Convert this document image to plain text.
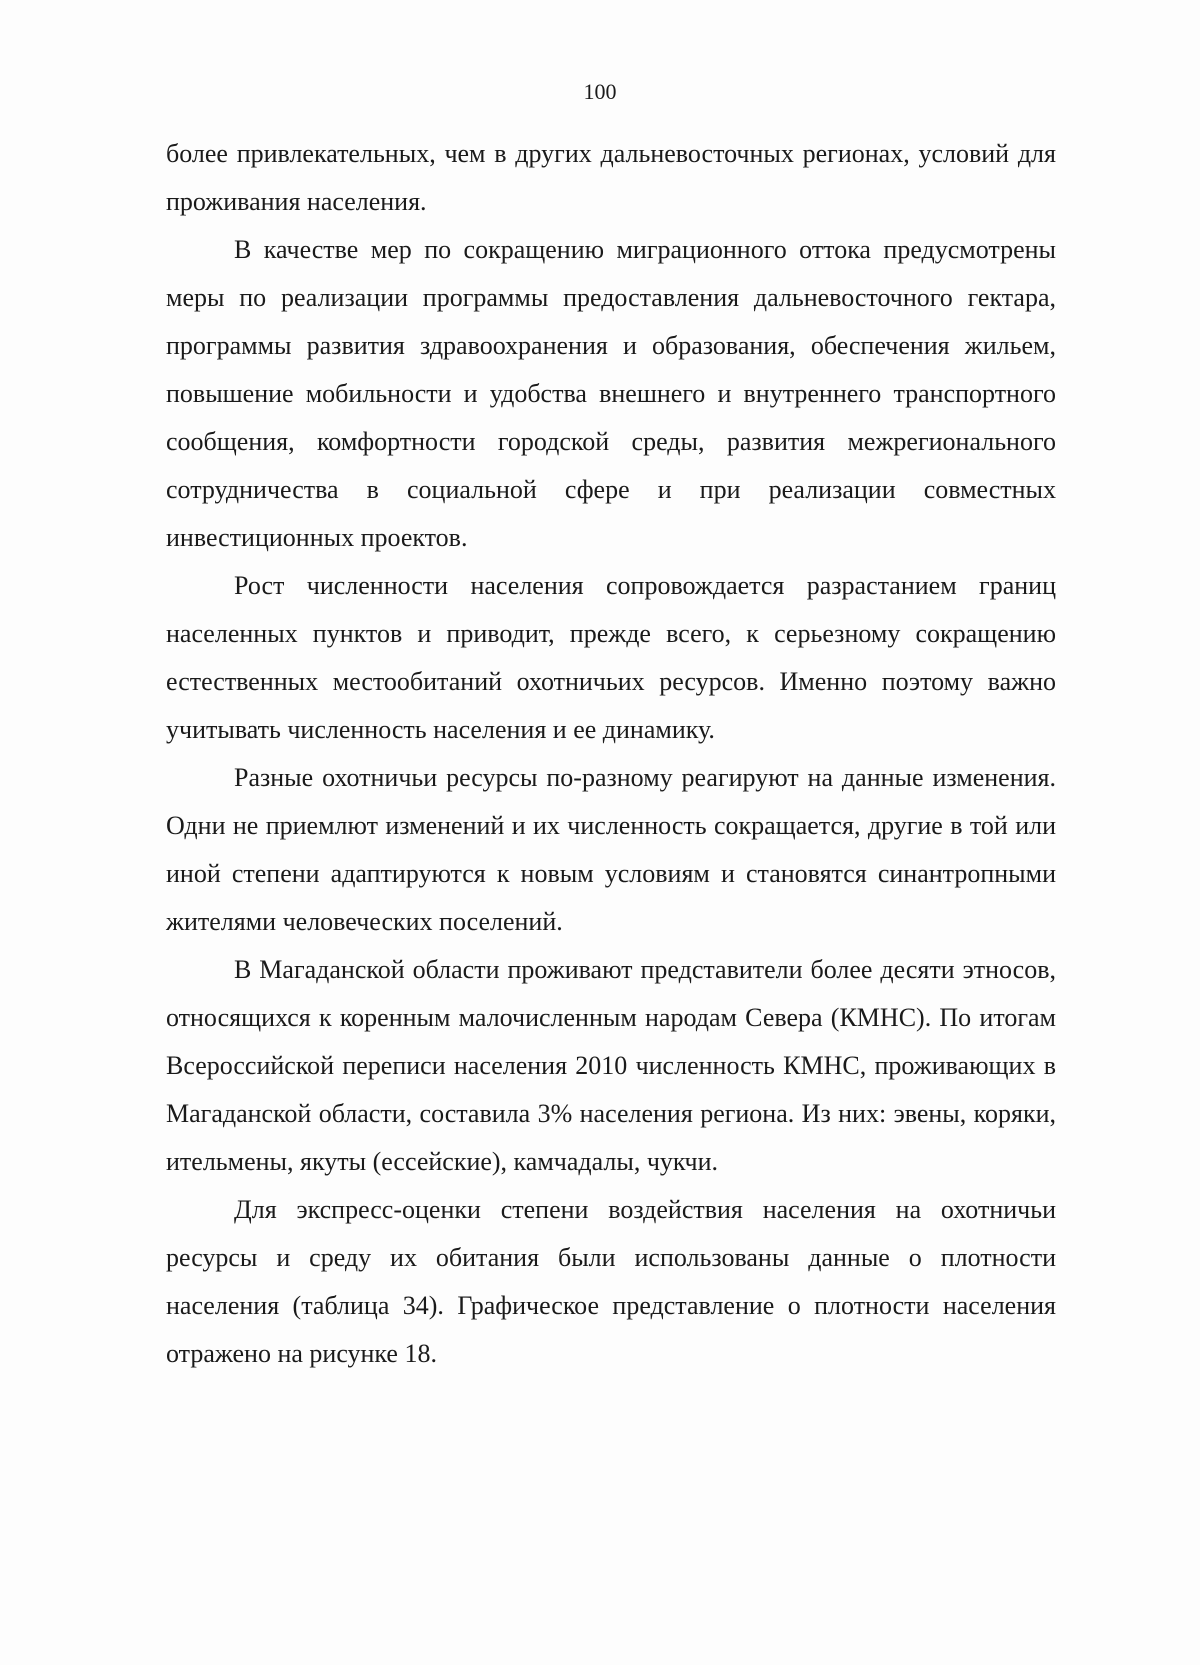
100

более привлекательных, чем в других дальневосточных регионах, условий для проживания населения.

В качестве мер по сокращению миграционного оттока предусмотрены меры по реализации программы предоставления дальневосточного гектара, программы развития здравоохранения и образования, обеспечения жильем, повышение мобильности и удобства внешнего и внутреннего транспортного сообщения, комфортности городской среды, развития межрегионального сотрудничества в социальной сфере и при реализации совместных инвестиционных проектов.

Рост численности населения сопровождается разрастанием границ населенных пунктов и приводит, прежде всего, к серьезному сокращению естественных местообитаний охотничьих ресурсов. Именно поэтому важно учитывать численность населения и ее динамику.

Разные охотничьи ресурсы по-разному реагируют на данные изменения. Одни не приемлют изменений и их численность сокращается, другие в той или иной степени адаптируются к новым условиям и становятся синантропными жителями человеческих поселений.

В Магаданской области проживают представители более десяти этносов, относящихся к коренным малочисленным народам Севера (КМНС). По итогам Всероссийской переписи населения 2010 численность КМНС, проживающих в Магаданской области, составила 3% населения региона. Из них: эвены, коряки, ительмены, якуты (ессейские), камчадалы, чукчи.

Для экспресс-оценки степени воздействия населения на охотничьи ресурсы и среду их обитания были использованы данные о плотности населения (таблица 34). Графическое представление о плотности населения отражено на рисунке 18.
